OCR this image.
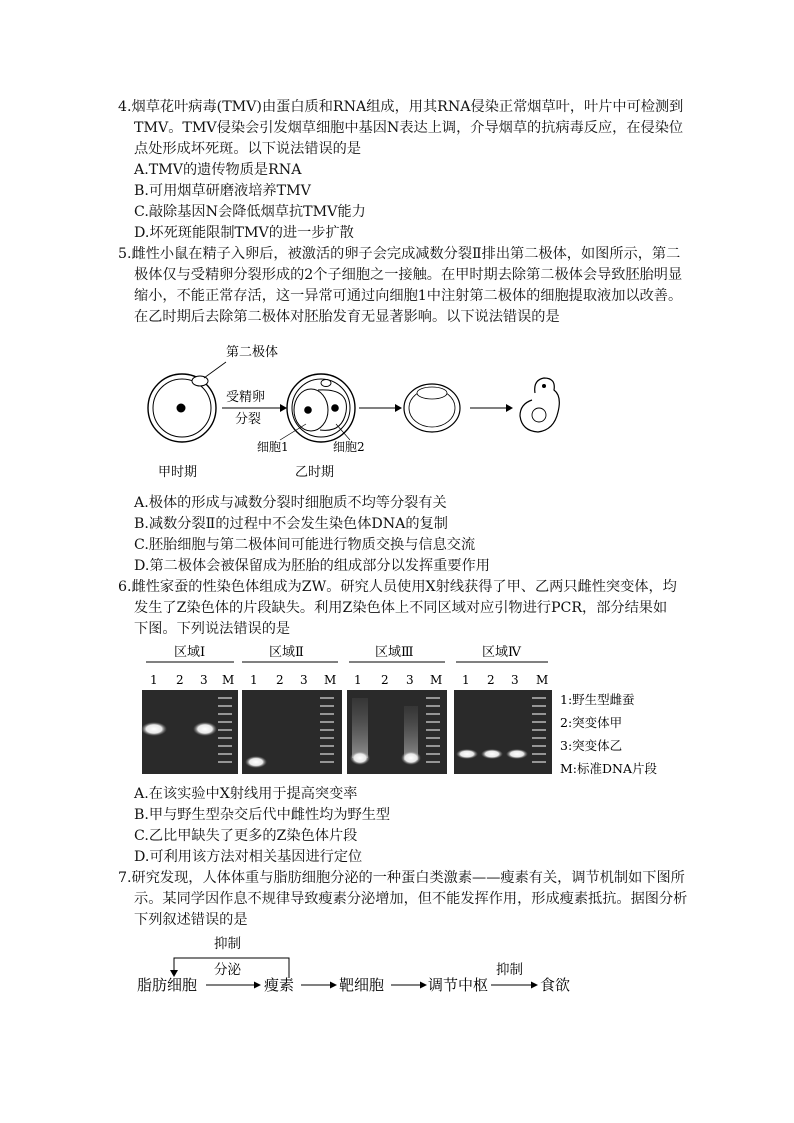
4.烟草花叶病毒(TMV)由蛋白质和RNA组成，用其RNA侵染正常烟草叶，叶片中可检测到
TMV。TMV侵染会引发烟草细胞中基因N表达上调，介导烟草的抗病毒反应，在侵染位
点处形成坏死斑。以下说法错误的是
A.TMV的遗传物质是RNA
B.可用烟草研磨液培养TMV
C.敲除基因N会降低烟草抗TMV能力
D.坏死斑能限制TMV的进一步扩散
5.雌性小鼠在精子入卵后，被激活的卵子会完成减数分裂Ⅱ排出第二极体，如图所示，第二
极体仅与受精卵分裂形成的2个子细胞之一接触。在甲时期去除第二极体会导致胚胎明显
缩小，不能正常存活，这一异常可通过向细胞1中注射第二极体的细胞提取液加以改善。
在乙时期后去除第二极体对胚胎发育无显著影响。以下说法错误的是
第二极体
受精卵
分裂
细胞1	细胞2
甲时期	乙时期
A.极体的形成与减数分裂时细胞质不均等分裂有关
B.减数分裂Ⅱ的过程中不会发生染色体DNA的复制
C.胚胎细胞与第二极体间可能进行物质交换与信息交流
D.第二极体会被保留成为胚胎的组成部分以发挥重要作用
6.雌性家蚕的性染色体组成为ZW。研究人员使用X射线获得了甲、乙两只雌性突变体，均
发生了Z染色体的片段缺失。利用Z染色体上不同区域对应引物进行PCR，部分结果如
下图。下列说法错误的是
区域Ⅰ	区域Ⅱ	区域Ⅲ	区域Ⅳ
1 2 3 M 1 2 3 M 1 2 3 M 1 2 3 M
1:野生型雌蚕
2:突变体甲
3:突变体乙
M:标准DNA片段
A.在该实验中X射线用于提高突变率
B.甲与野生型杂交后代中雌性均为野生型
C.乙比甲缺失了更多的Z染色体片段
D.可利用该方法对相关基因进行定位
7.研究发现，人体体重与脂肪细胞分泌的一种蛋白类激素——瘦素有关，调节机制如下图所
示。某同学因作息不规律导致瘦素分泌增加，但不能发挥作用，形成瘦素抵抗。据图分析
下列叙述错误的是
抑制
脂肪细胞
分泌
瘦素	靶细胞	调节中枢
抑制
食欲
